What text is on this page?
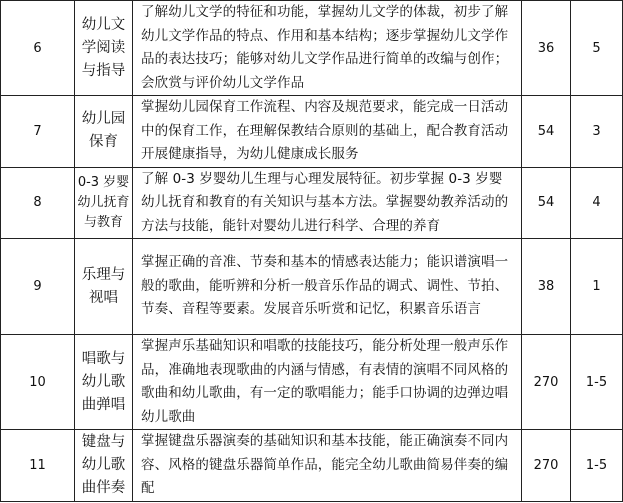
6	幼儿文学阅读与指导	了解幼儿文学的特征和功能，掌握幼儿文学的体裁，初步了解幼儿文学作品的特点、作用和基本结构；逐步掌握幼儿文学作品的表达技巧；能够对幼儿文学作品进行简单的改编与创作；会欣赏与评价幼儿文学作品	36	5
7	幼儿园保育	掌握幼儿园保育工作流程、内容及规范要求，能完成一日活动中的保育工作，在理解保教结合原则的基础上，配合教育活动开展健康指导，为幼儿健康成长服务	54	3
8	0-3 岁婴幼儿抚育与教育	了解 0-3 岁婴幼儿生理与心理发展特征。初步掌握 0-3 岁婴幼儿抚育和教育的有关知识与基本方法。掌握婴幼教养活动的方法与技能，能针对婴幼儿进行科学、合理的养育	54	4
9	乐理与视唱	掌握正确的音准、节奏和基本的情感表达能力；能识谱演唱一般的歌曲，能听辨和分析一般音乐作品的调式、调性、节拍、节奏、音程等要素。发展音乐听赏和记忆，积累音乐语言	38	1
10	唱歌与幼儿歌曲弹唱	掌握声乐基础知识和唱歌的技能技巧，能分析处理一般声乐作品，准确地表现歌曲的内涵与情感，有表情的演唱不同风格的歌曲和幼儿歌曲，有一定的歌唱能力；能手口协调的边弹边唱幼儿歌曲	270	1-5
11	键盘与幼儿歌曲伴奏	掌握键盘乐器演奏的基础知识和基本技能，能正确演奏不同内容、风格的键盘乐器简单作品，能完全幼儿歌曲简易伴奏的编配	270	1-5
